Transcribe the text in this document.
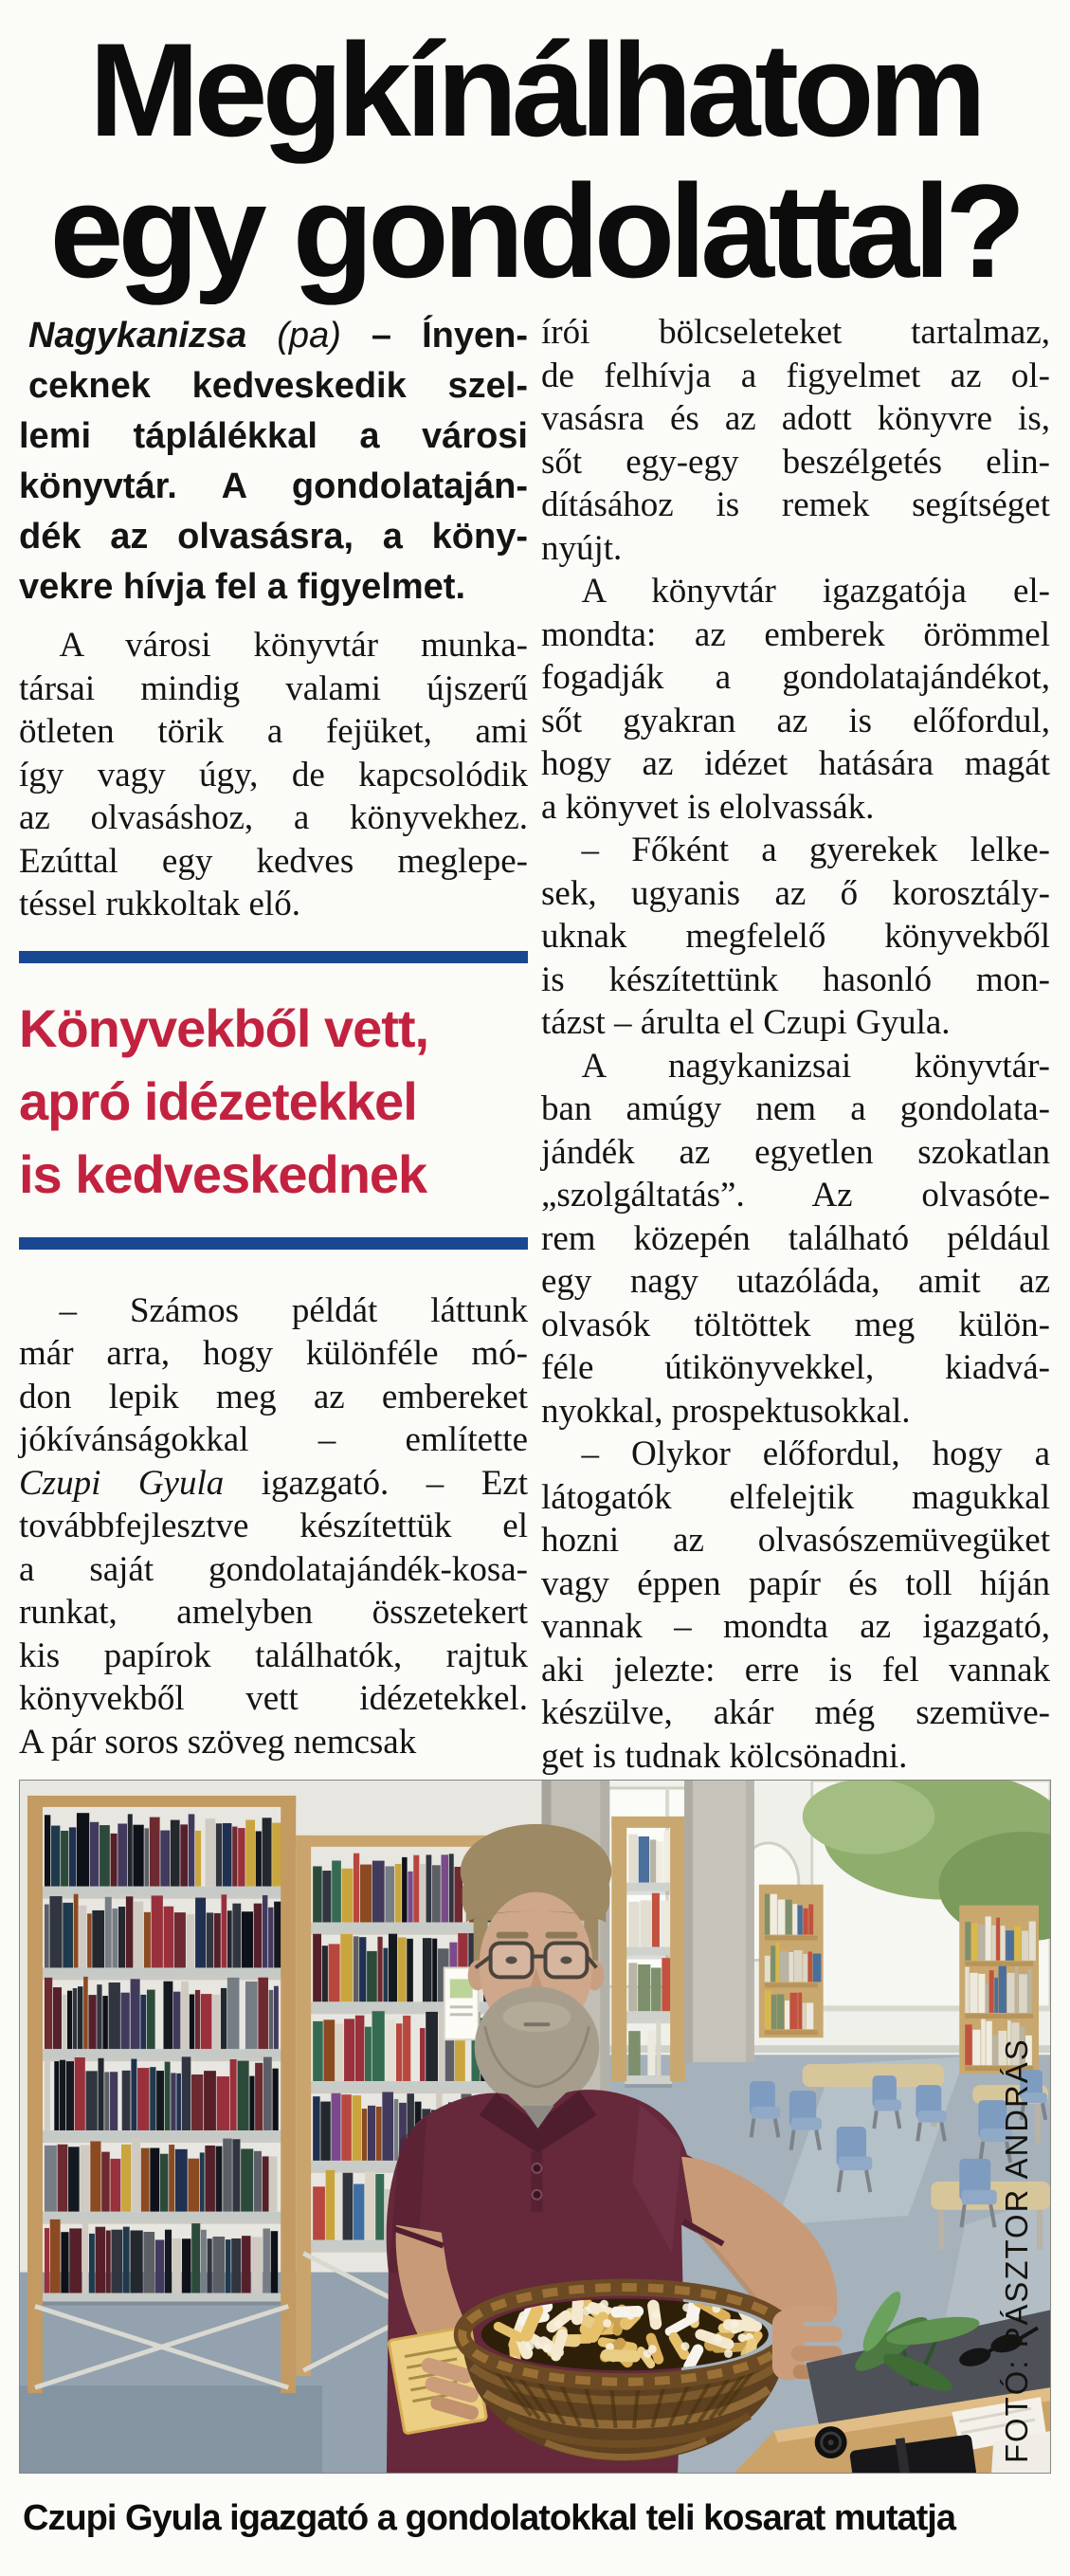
Megkínálhatom
egy gondolattal?
Nagykanizsa (pa) – Ínyen-
ceknek kedveskedik szel-
lemi táplálékkal a városi
könyvtár. A gondolataján-
dék az olvasásra, a köny-
vekre hívja fel a figyelmet.
A városi könyvtár munka-
társai mindig valami újszerű
ötleten törik a fejüket, ami
így vagy úgy, de kapcsolódik
az olvasáshoz, a könyvekhez.
Ezúttal egy kedves meglepe-
téssel rukkoltak elő.
Könyvekből vett,
apró idézetekkel
is kedveskednek
– Számos példát láttunk
már arra, hogy különféle mó-
don lepik meg az embereket
jókívánságokkal – említette
Czupi Gyula igazgató. – Ezt
továbbfejlesztve készítettük el
a saját gondolatajándék-kosa-
runkat, amelyben összetekert
kis papírok találhatók, rajtuk
könyvekből vett idézetekkel.
A pár soros szöveg nemcsak
írói bölcseleteket tartalmaz,
de felhívja a figyelmet az ol-
vasásra és az adott könyvre is,
sőt egy-egy beszélgetés elin-
dításához is remek segítséget
nyújt.
A könyvtár igazgatója el-
mondta: az emberek örömmel
fogadják a gondolatajándékot,
sőt gyakran az is előfordul,
hogy az idézet hatására magát
a könyvet is elolvassák.
– Főként a gyerekek lelke-
sek, ugyanis az ő korosztály-
uknak megfelelő könyvekből
is készítettünk hasonló mon-
tázst – árulta el Czupi Gyula.
A nagykanizsai könyvtár-
ban amúgy nem a gondolata-
jándék az egyetlen szokatlan
„szolgáltatás”. Az olvasóte-
rem közepén található például
egy nagy utazóláda, amit az
olvasók töltöttek meg külön-
féle útikönyvekkel, kiadvá-
nyokkal, prospektusokkal.
– Olykor előfordul, hogy a
látogatók elfelejtik magukkal
hozni az olvasószemüvegüket
vagy éppen papír és toll híján
vannak – mondta az igazgató,
aki jelezte: erre is fel vannak
készülve, akár még szemüve-
get is tudnak kölcsönadni.
FOTÓ: PÁSZTOR ANDRÁS
Czupi Gyula igazgató a gondolatokkal teli kosarat mutatja
